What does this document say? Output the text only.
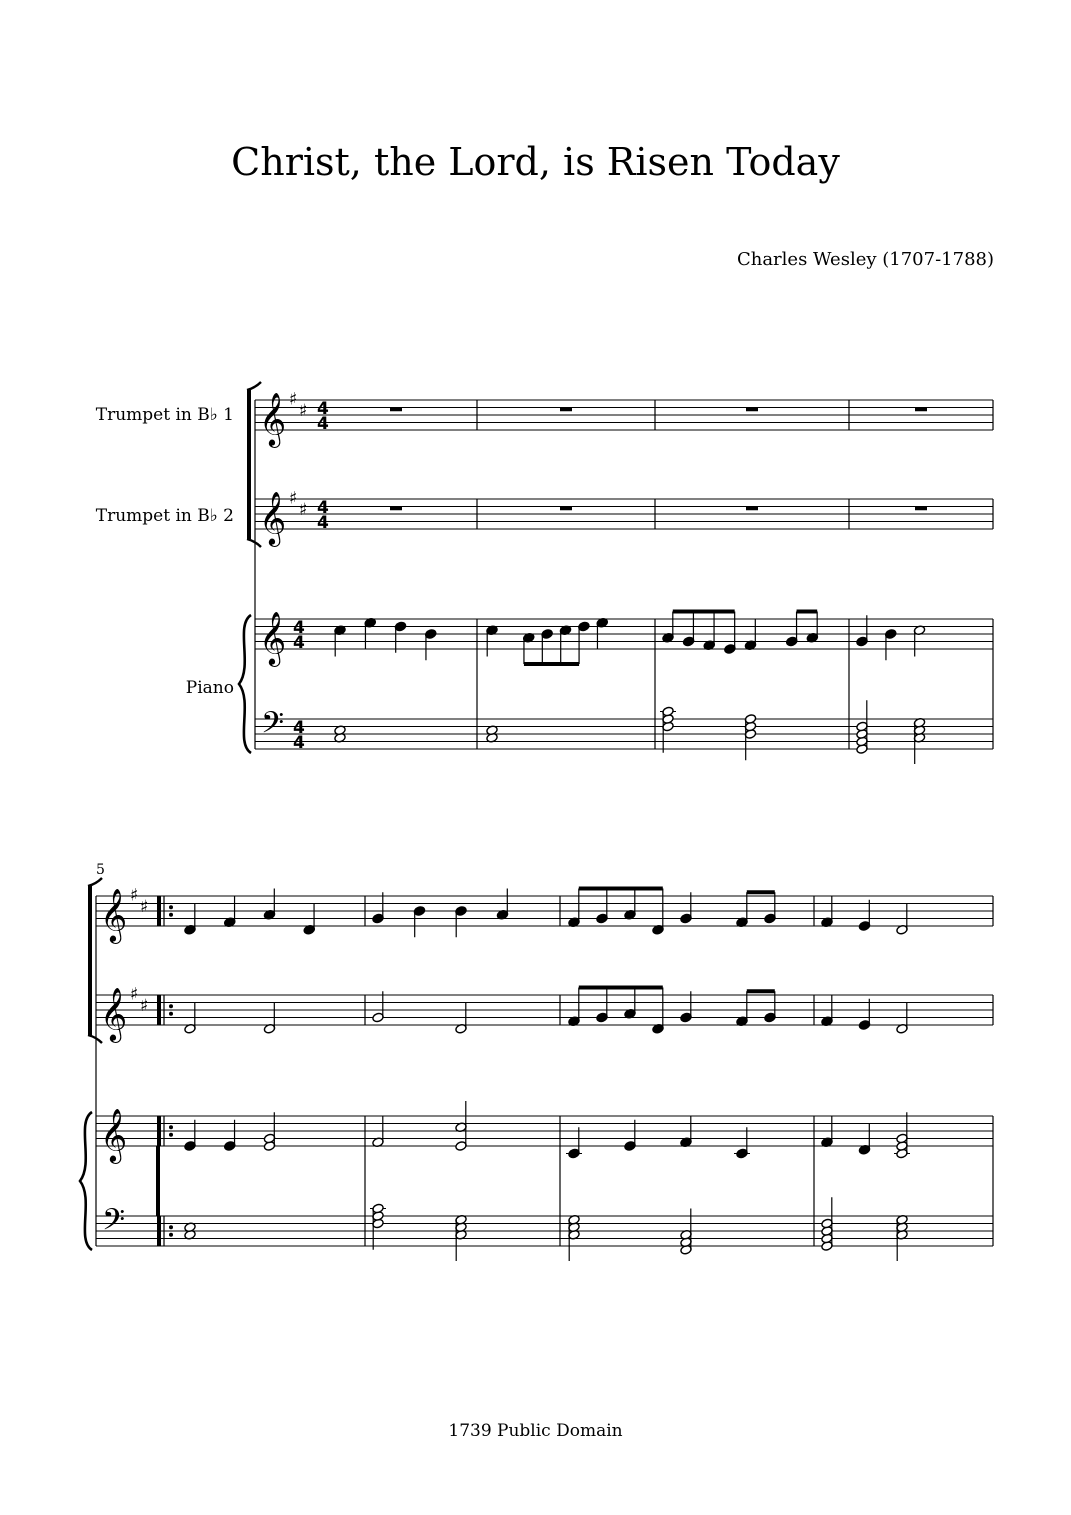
Christ, the Lord, is Risen Today
Charles Wesley (1707-1788)
Trumpet in B♭ 1
Trumpet in B♭ 2
Piano
5
𝄞 ♯
♯ 4
4
𝄞 ♯
♯ 4
4
𝄞 4
4
𝄢 4
4
𝄞 ♯
♯
𝄞 ♯
♯
𝄞
𝄢
1739 Public Domain
